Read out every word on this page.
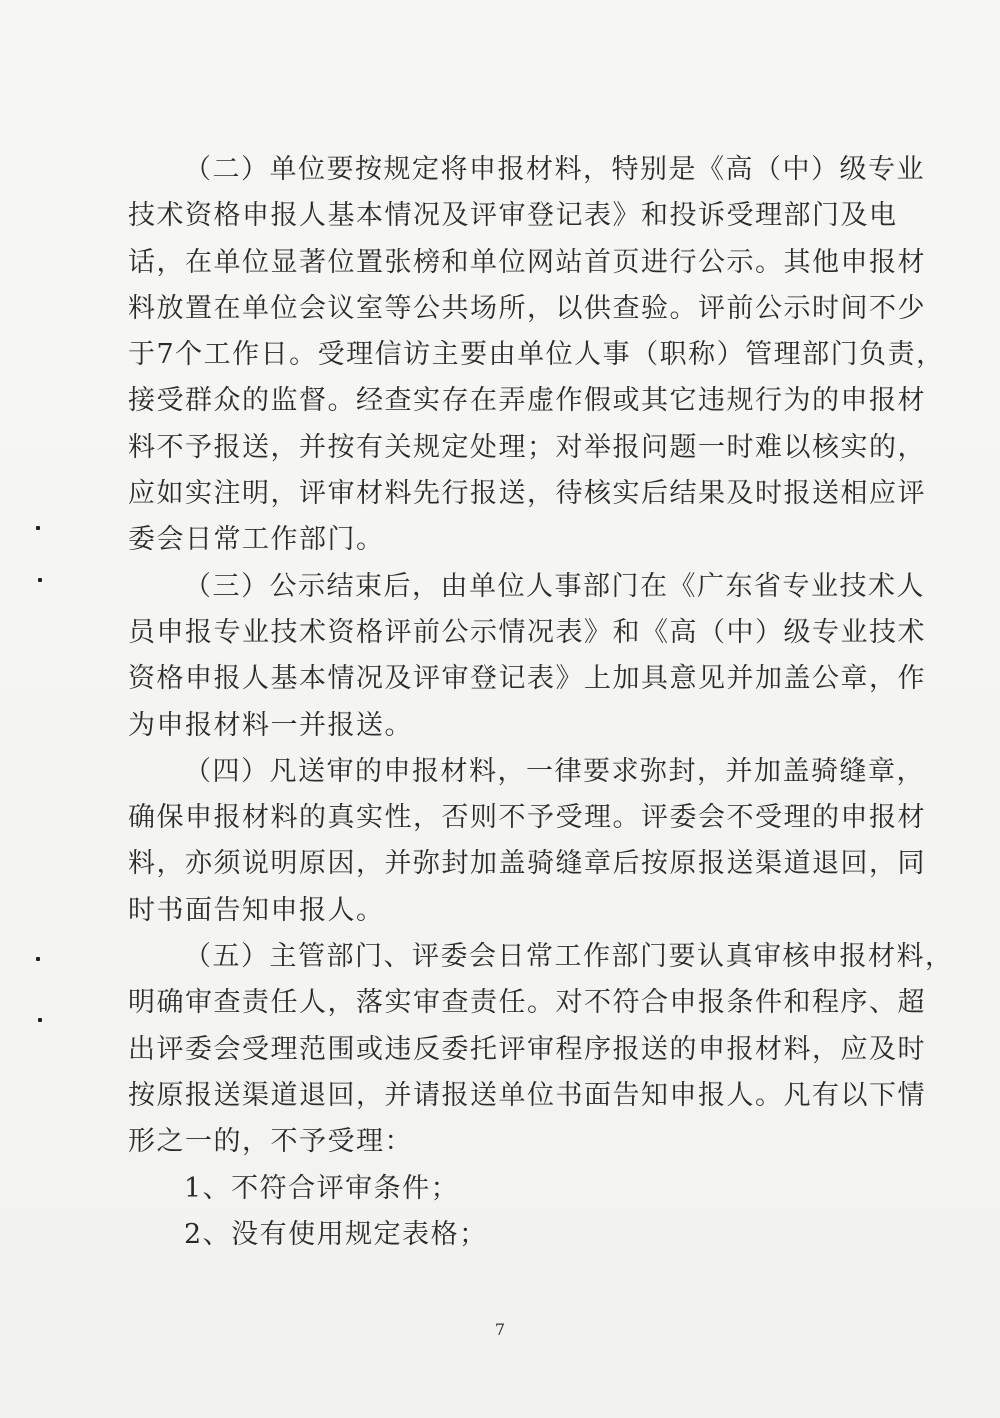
（二）单位要按规定将申报材料，特别是《高（中）级专业
技术资格申报人基本情况及评审登记表》和投诉受理部门及电
话，在单位显著位置张榜和单位网站首页进行公示。其他申报材
料放置在单位会议室等公共场所，以供查验。评前公示时间不少
于7个工作日。受理信访主要由单位人事（职称）管理部门负责，
接受群众的监督。经查实存在弄虚作假或其它违规行为的申报材
料不予报送，并按有关规定处理；对举报问题一时难以核实的，
应如实注明，评审材料先行报送，待核实后结果及时报送相应评
委会日常工作部门。
（三）公示结束后，由单位人事部门在《广东省专业技术人
员申报专业技术资格评前公示情况表》和《高（中）级专业技术
资格申报人基本情况及评审登记表》上加具意见并加盖公章，作
为申报材料一并报送。
（四）凡送审的申报材料，一律要求弥封，并加盖骑缝章，
确保申报材料的真实性，否则不予受理。评委会不受理的申报材
料，亦须说明原因，并弥封加盖骑缝章后按原报送渠道退回，同
时书面告知申报人。
（五）主管部门、评委会日常工作部门要认真审核申报材料，
明确审查责任人，落实审查责任。对不符合申报条件和程序、超
出评委会受理范围或违反委托评审程序报送的申报材料，应及时
按原报送渠道退回，并请报送单位书面告知申报人。凡有以下情
形之一的，不予受理：
1、不符合评审条件；
2、没有使用规定表格；
7
